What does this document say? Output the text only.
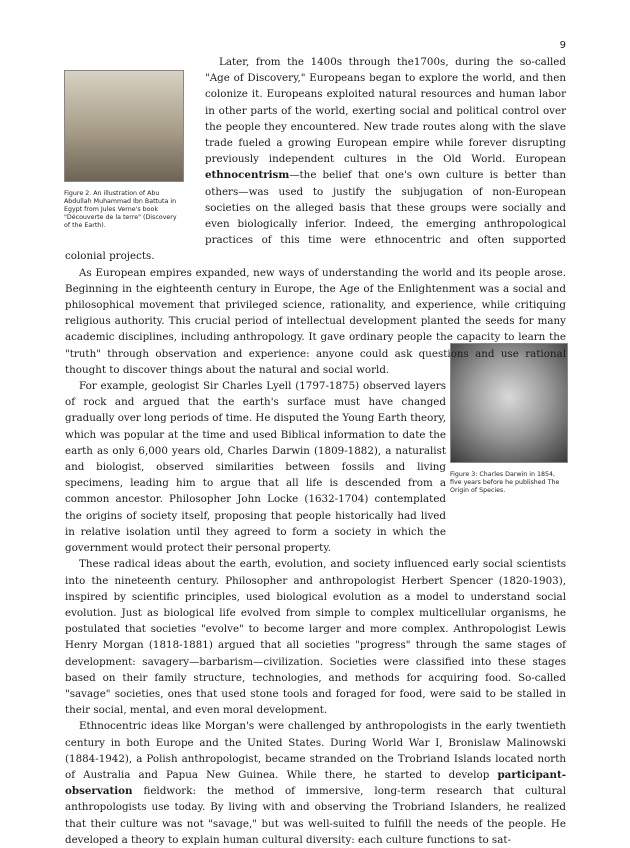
9
Figure 2. An illustration of Abu Abdullah Muhammad Ibn Battuta in Egypt from Jules Verne's book "Découverte de la terre" (Discovery of the Earth).
Figure 3: Charles Darwin in 1854, five years before he published The Origin of Species.

Later, from the 1400s through the1700s, during the so-called "Age of Discovery," Europeans began to explore the world, and then colonize it. Europeans exploited natural resources and human labor in other parts of the world, exerting social and political control over the people they encountered. New trade routes along with the slave trade fueled a growing European empire while forever disrupting previously independent cultures in the Old World. European ethnocentrism—the belief that one's own culture is better than others—was used to justify the subjugation of non-European societies on the alleged basis that these groups were socially and even biologically inferior. Indeed, the emerging anthropological practices of this time were ethnocentric and often supported colonial projects.

As European empires expanded, new ways of understanding the world and its people arose. Beginning in the eighteenth century in Europe, the Age of the Enlightenment was a social and philosophical movement that privileged science, rationality, and experience, while critiquing religious authority. This crucial period of intellectual development planted the seeds for many academic disciplines, including anthropology. It gave ordinary people the capacity to learn the "truth" through observation and experience: anyone could ask questions and use rational thought to discover things about the natural and social world.

For example, geologist Sir Charles Lyell (1797-1875) observed layers of rock and argued that the earth's surface must have changed gradually over long periods of time. He disputed the Young Earth theory, which was popular at the time and used Biblical information to date the earth as only 6,000 years old, Charles Darwin (1809-1882), a naturalist and biologist, observed similarities between fossils and living specimens, leading him to argue that all life is descended from a common ancestor. Philosopher John Locke (1632-1704) contemplated the origins of society itself, proposing that people historically had lived in relative isolation until they agreed to form a society in which the government would protect their personal property.

These radical ideas about the earth, evolution, and society influenced early social scientists into the nineteenth century. Philosopher and anthropologist Herbert Spencer (1820-1903), inspired by scientific principles, used biological evolution as a model to understand social evolution. Just as biological life evolved from simple to complex multicellular organisms, he postulated that societies "evolve" to become larger and more complex. Anthropologist Lewis Henry Morgan (1818-1881) argued that all societies "progress" through the same stages of development: savagery—barbarism—civilization. Societies were classified into these stages based on their family structure, technologies, and methods for acquiring food. So-called "savage" societies, ones that used stone tools and foraged for food, were said to be stalled in their social, mental, and even moral development.

Ethnocentric ideas like Morgan's were challenged by anthropologists in the early twentieth century in both Europe and the United States. During World War I, Bronislaw Malinowski (1884-1942), a Polish anthropologist, became stranded on the Trobriand Islands located north of Australia and Papua New Guinea. While there, he started to develop participant-observation fieldwork: the method of immersive, long-term research that cultural anthropologists use today. By living with and observing the Trobriand Islanders, he realized that their culture was not "savage," but was well-suited to fulfill the needs of the people. He developed a theory to explain human cultural diversity: each culture functions to sat-
